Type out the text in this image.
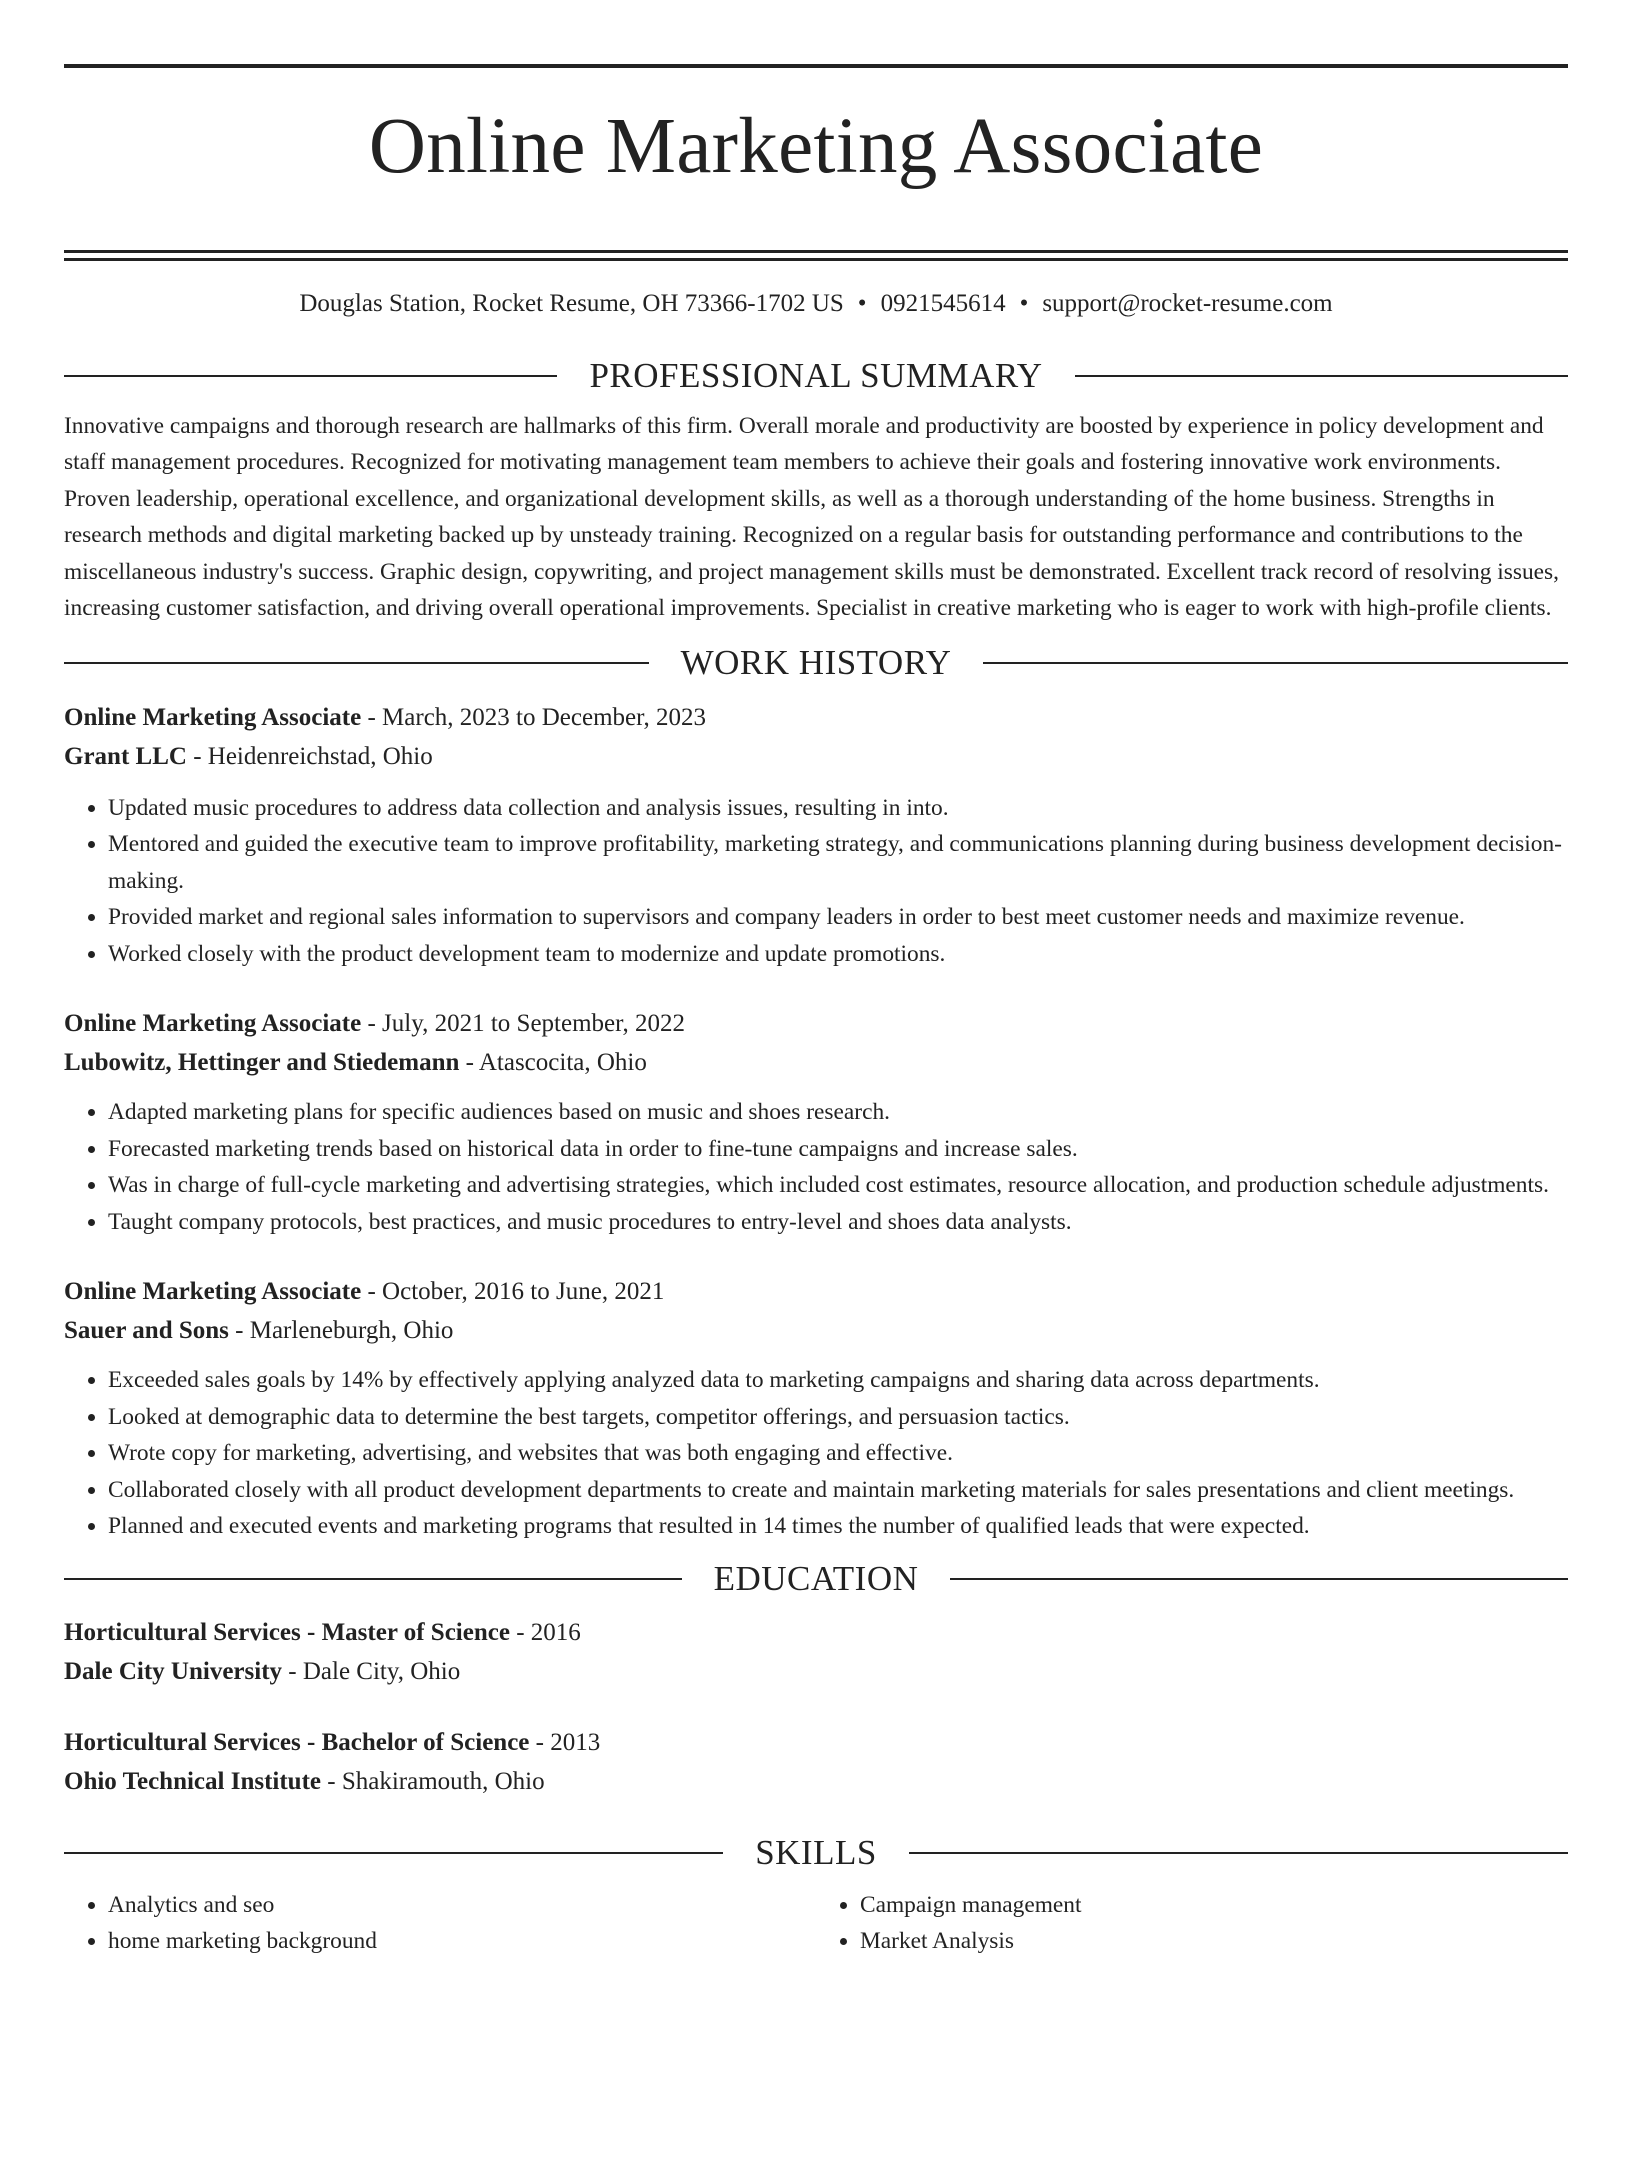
Online Marketing Associate
Douglas Station, Rocket Resume, OH 73366-1702 US • 0921545614 • support@rocket-resume.com
PROFESSIONAL SUMMARY

Innovative campaigns and thorough research are hallmarks of this firm. Overall morale and productivity are boosted by experience in policy development and staff management procedures. Recognized for motivating management team members to achieve their goals and fostering innovative work environments. Proven leadership, operational excellence, and organizational development skills, as well as a thorough understanding of the home business. Strengths in research methods and digital marketing backed up by unsteady training. Recognized on a regular basis for outstanding performance and contributions to the miscellaneous industry's success. Graphic design, copywriting, and project management skills must be demonstrated. Excellent track record of resolving issues, increasing customer satisfaction, and driving overall operational improvements. Specialist in creative marketing who is eager to work with high-profile clients.

WORK HISTORY
Online Marketing Associate - March, 2023 to December, 2023
Grant LLC - Heidenreichstad, Ohio
• Updated music procedures to address data collection and analysis issues, resulting in into.
• Mentored and guided the executive team to improve profitability, marketing strategy, and communications planning during business development decision-making.
• Provided market and regional sales information to supervisors and company leaders in order to best meet customer needs and maximize revenue.
• Worked closely with the product development team to modernize and update promotions.
Online Marketing Associate - July, 2021 to September, 2022
Lubowitz, Hettinger and Stiedemann - Atascocita, Ohio
• Adapted marketing plans for specific audiences based on music and shoes research.
• Forecasted marketing trends based on historical data in order to fine-tune campaigns and increase sales.
• Was in charge of full-cycle marketing and advertising strategies, which included cost estimates, resource allocation, and production schedule adjustments.
• Taught company protocols, best practices, and music procedures to entry-level and shoes data analysts.
Online Marketing Associate - October, 2016 to June, 2021
Sauer and Sons - Marleneburgh, Ohio
• Exceeded sales goals by 14% by effectively applying analyzed data to marketing campaigns and sharing data across departments.
• Looked at demographic data to determine the best targets, competitor offerings, and persuasion tactics.
• Wrote copy for marketing, advertising, and websites that was both engaging and effective.
• Collaborated closely with all product development departments to create and maintain marketing materials for sales presentations and client meetings.
• Planned and executed events and marketing programs that resulted in 14 times the number of qualified leads that were expected.
EDUCATION
Horticultural Services - Master of Science - 2016
Dale City University - Dale City, Ohio
Horticultural Services - Bachelor of Science - 2013
Ohio Technical Institute - Shakiramouth, Ohio
SKILLS
• Analytics and seo
• home marketing background
• Campaign management
• Market Analysis
